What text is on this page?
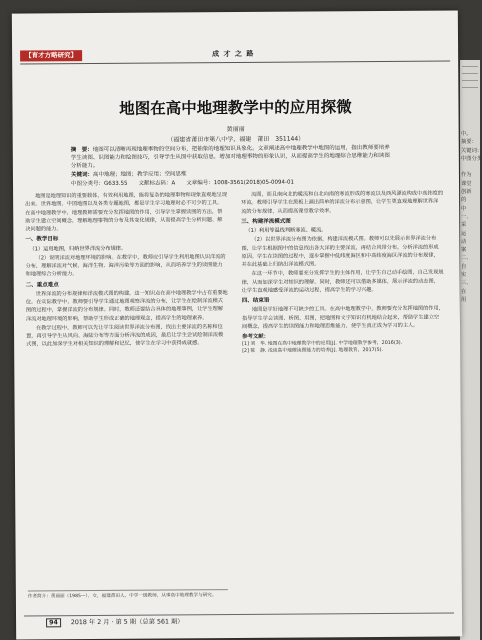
【育才方略研究】	成 才 之 路
地图在高中地理教学中的应用探微
黄丽丽
（福建省莆田市第八中学，福建　莆田　351144）
摘　要：地图可以清晰再现地理事物的空间分布，把抽象的地理知识具象化。文章阐述高中地理教学中地图的运用，指出教师要培养学生读图、识图能力和绘图技巧，引导学生从图中获取信息，增加对地理事物的形象认识，从而提高学生的地理综合思维能力和读图分析能力。
关键词：高中地理；地图；教学应用；空间思维
中图分类号：G633.55　　文献标志码：A　　文章编号：1008-3561(2018)05-0094-01

地图是地理知识的重要载体，有效利用地图，能将复杂的地理事物和现象直观地呈现出来。世界地图、中国地图以及各类专题地图，都是学生学习地理时必不可少的工具。在高中地理教学中，地理教师需要充分发挥地图的作用，引导学生掌握读图的方法，帮助学生建立空间概念，理解地理事物的分布及其变化规律，从而提高学生分析问题、解决问题的能力。

一、教学目标
（1）运用地图，归纳世界洋流分布规律。

（2）说明洋流对地理环境的影响。在教学中，教师应引导学生利用地图认识洋流的分布，理解洋流对气候、海洋生物、海洋污染等方面的影响，从而培养学生的读图能力和地理综合分析能力。

二、重点难点

世界洋流的分布规律和洋流模式图的构建，这一知识点在高中地理教学中占有重要地位。在实际教学中，教师要引导学生通过地图观察洋流的分布，让学生在绘制洋流模式图的过程中，掌握洋流的分布规律。同时，教师还要结合具体的地理事例，让学生理解洋流对地理环境的影响，帮助学生形成正确的地理观念，提高学生的地理素养。

在教学过程中，教师可以先让学生阅读世界洋流分布图，找出主要洋流的名称和位置，再引导学生从风向、海陆分布等方面分析洋流的成因，最后让学生尝试绘制洋流模式图，以此加深学生对相关知识的理解和记忆，使学生在学习中获得成就感。

流图，而且南向北的暖流和自北向南的寒流形成的寒流以及西风漂流构成中高纬度的环流。教师引导学生在黑板上画出简单的洋流分布示意图，让学生更直观地理解世界洋流的分布规律，从而提高课堂教学效率。

三、构建洋流模式图
（1）利用等温线判断寒流、暖流。

（2）以世界洋流分布图为依据，构建洋流模式图。教师可以先展示世界洋流分布图，让学生根据图中的信息找出各大洋的主要洋流，再结合风带分布，分析洋流的形成原因。学生在读图的过程中，逐步掌握中低纬度海区和中高纬度海区洋流的分布规律，并在此基础上归纳出洋流模式图。

在这一环节中，教师要充分发挥学生的主体作用，让学生自己动手绘图，自己发现规律，从而加深学生对知识的理解。同时，教师还可以借助多媒体，展示洋流的动态图，让学生直观地感受洋流的运动过程，提高学生的学习兴趣。

四、结束语

地图是学好地理不可缺少的工具。在高中地理教学中，教师要充分发挥地图的作用，指导学生学会读图、析图、用图，把地图和文字知识有机地结合起来，帮助学生建立空间概念，提高学生的读图能力和地理思维能力，使学生真正成为学习的主人。

参考文献：
[1] 刘　华. 地图在高中地理教学中的应用[J]. 中学地理教学参考，2016(3).
[2] 陈　静. 浅谈高中地理读图能力的培养[J]. 地理教育，2017(5).
作者简介：黄丽丽（1985—），女，福建莆田人，中学一级教师，从事高中地理教学与研究。
94 2018 年 2 月 · 第 5 期（总第 561 期）
中。
摘要：
关键词：
中图分类
作为
课堂
创新
的
中
一、
采
运
动
案
二、
自
实
三、
在
用
